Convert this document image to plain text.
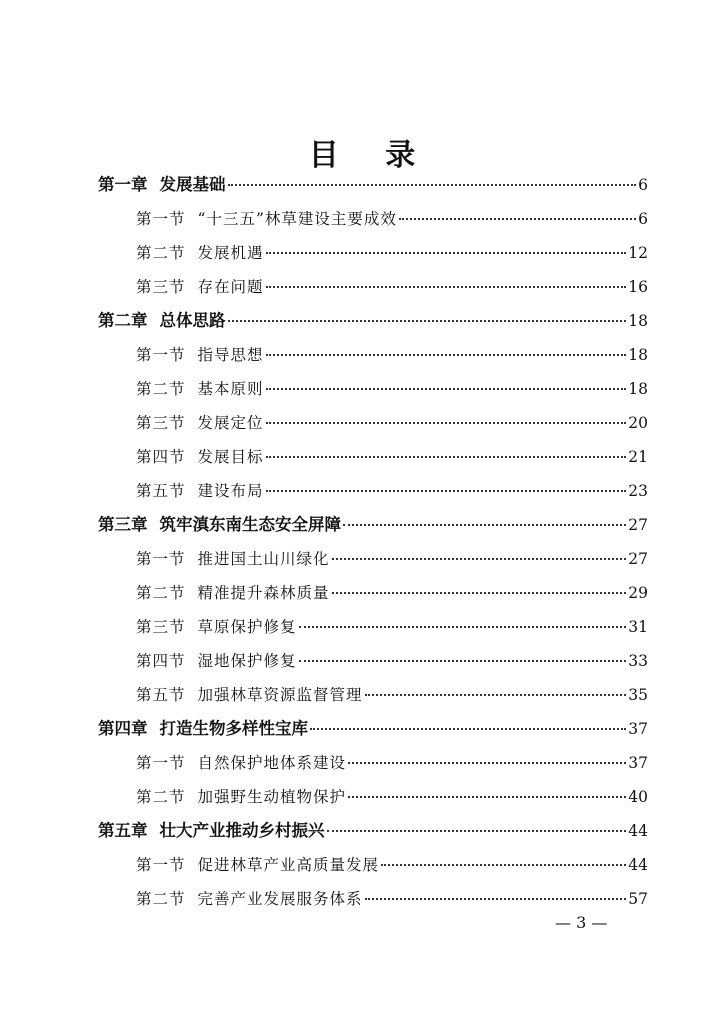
目 录
第一章 发展基础	6
第一节 “十三五”林草建设主要成效	6
第二节 发展机遇	12
第三节 存在问题	16
第二章 总体思路	18
第一节 指导思想	18
第二节 基本原则	18
第三节 发展定位	20
第四节 发展目标	21
第五节 建设布局	23
第三章 筑牢滇东南生态安全屏障	27
第一节 推进国土山川绿化	27
第二节 精准提升森林质量	29
第三节 草原保护修复	31
第四节 湿地保护修复	33
第五节 加强林草资源监督管理	35
第四章 打造生物多样性宝库	37
第一节 自然保护地体系建设	37
第二节 加强野生动植物保护	40
第五章 壮大产业推动乡村振兴	44
第一节 促进林草产业高质量发展	44
第二节 完善产业发展服务体系	57
— 3 —
